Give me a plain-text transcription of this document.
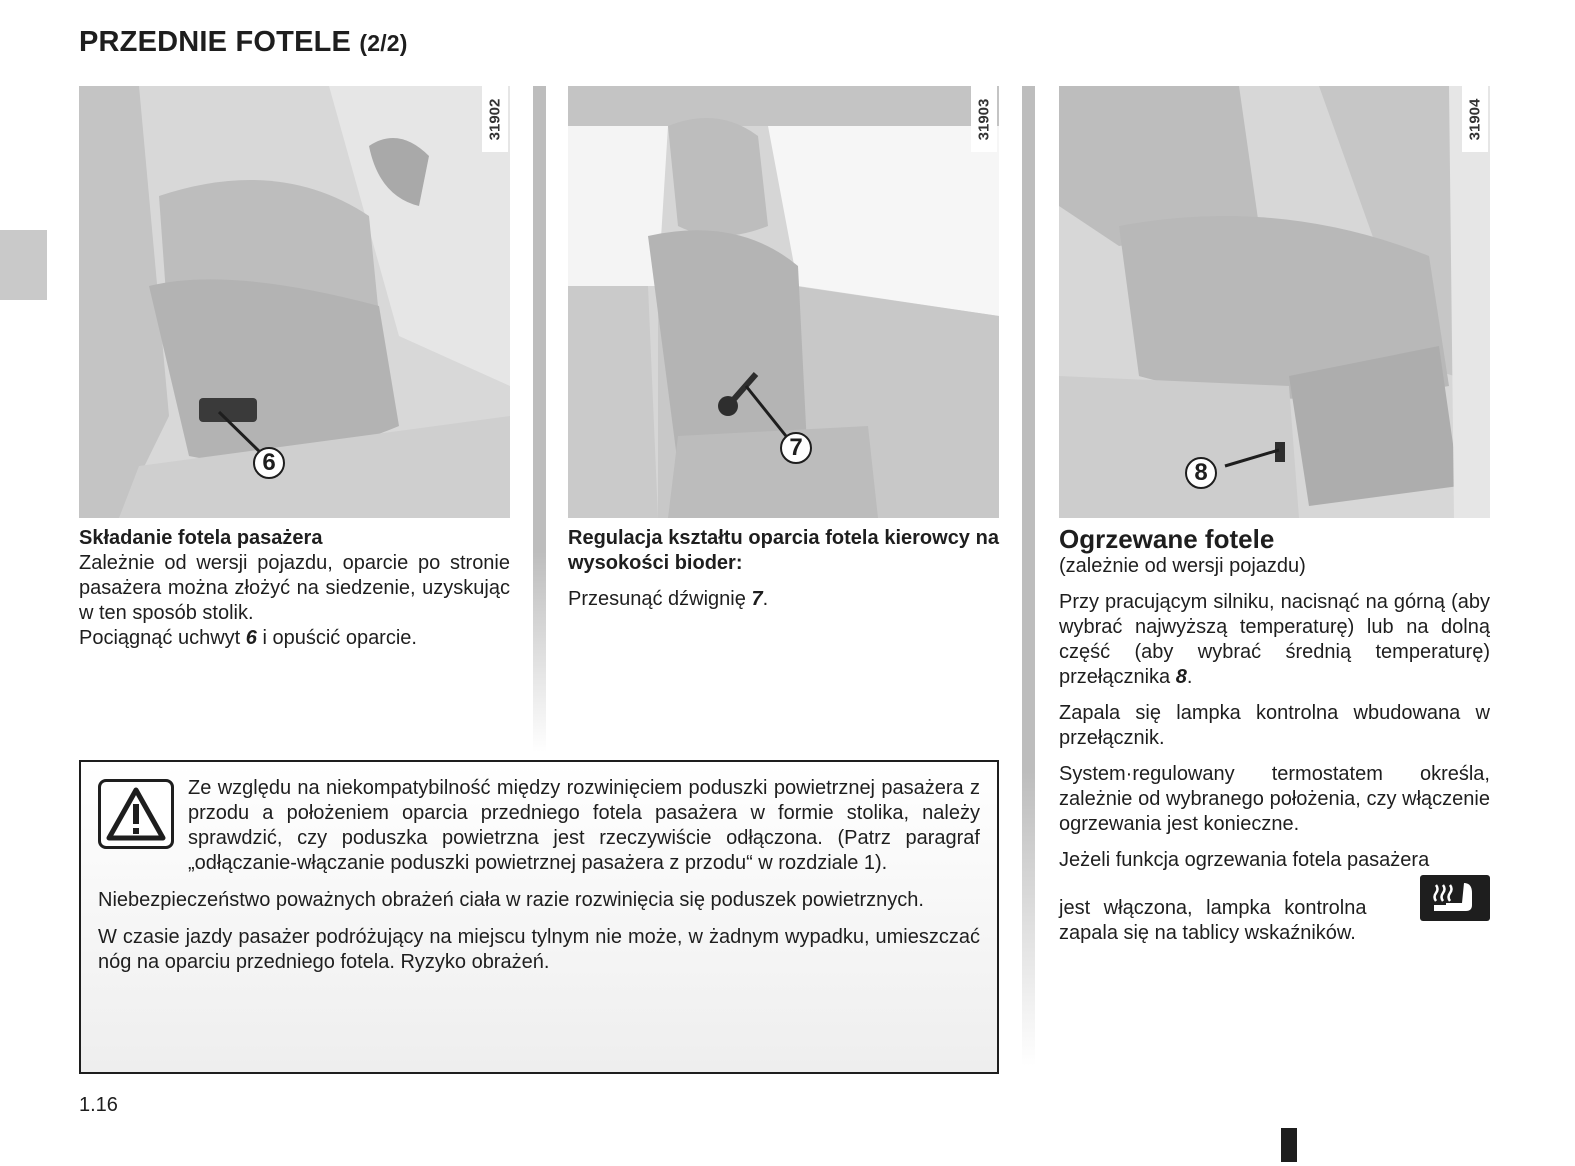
PRZEDNIE FOTELE (2/2)
31902
6
31903
7
31904
8
Składanie fotela pasażera
Zależnie od wersji pojazdu, oparcie po stronie pasażera można złożyć na siedzenie, uzyskując w ten sposób stolik.
Pociągnąć uchwyt 6 i opuścić oparcie.

Regulacja kształtu oparcia fotela kierowcy na wysokości bioder:

Przesunąć dźwignię 7.

Ogrzewane fotele

(zależnie od wersji pojazdu)

Przy pracującym silniku, nacisnąć na górną (aby wybrać najwyższą temperaturę) lub na dolną część (aby wybrać średnią temperaturę) przełącznika 8.

Zapala się lampka kontrolna wbudowana w przełącznik.

System·regulowany termostatem określa, zależnie od wybranego położenia, czy włączenie ogrzewania jest konieczne.

Jeżeli funkcja ogrzewania fotela pasażera
jest włączona, lampka kontrolna
zapala się na tablicy wskaźników.

Ze względu na niekompatybilność między rozwinięciem poduszki powietrznej pasażera z przodu a położeniem oparcia przedniego fotela pasażera w formie stolika, należy sprawdzić, czy poduszka powietrzna jest rzeczywiście odłączona. (Patrz paragraf „odłączanie-włączanie poduszki powietrznej pasażera z przodu“ w rozdziale 1).

Niebezpieczeństwo poważnych obrażeń ciała w razie rozwinięcia się poduszek powietrznych.

W czasie jazdy pasażer podróżujący na miejscu tylnym nie może, w żadnym wypadku, umieszczać nóg na oparciu przedniego fotela. Ryzyko obrażeń.

1.16
